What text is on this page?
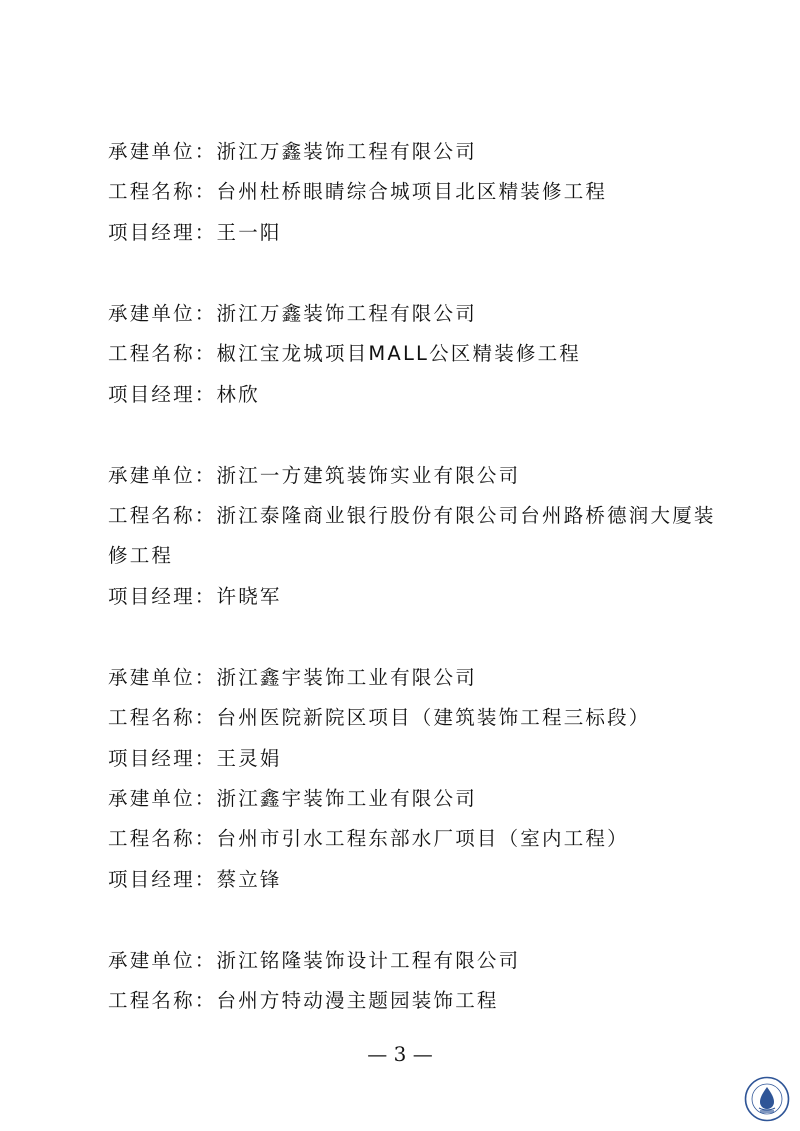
承建单位：浙江万鑫装饰工程有限公司
工程名称：台州杜桥眼睛综合城项目北区精装修工程
项目经理：王一阳
承建单位：浙江万鑫装饰工程有限公司
工程名称：椒江宝龙城项目MALL公区精装修工程
项目经理：林欣
承建单位：浙江一方建筑装饰实业有限公司
工程名称：浙江泰隆商业银行股份有限公司台州路桥德润大厦装
修工程
项目经理：许晓军
承建单位：浙江鑫宇装饰工业有限公司
工程名称：台州医院新院区项目（建筑装饰工程三标段）
项目经理：王灵娟
承建单位：浙江鑫宇装饰工业有限公司
工程名称：台州市引水工程东部水厂项目（室内工程）
项目经理：蔡立锋
承建单位：浙江铭隆装饰设计工程有限公司
工程名称：台州方特动漫主题园装饰工程
— 3 —
